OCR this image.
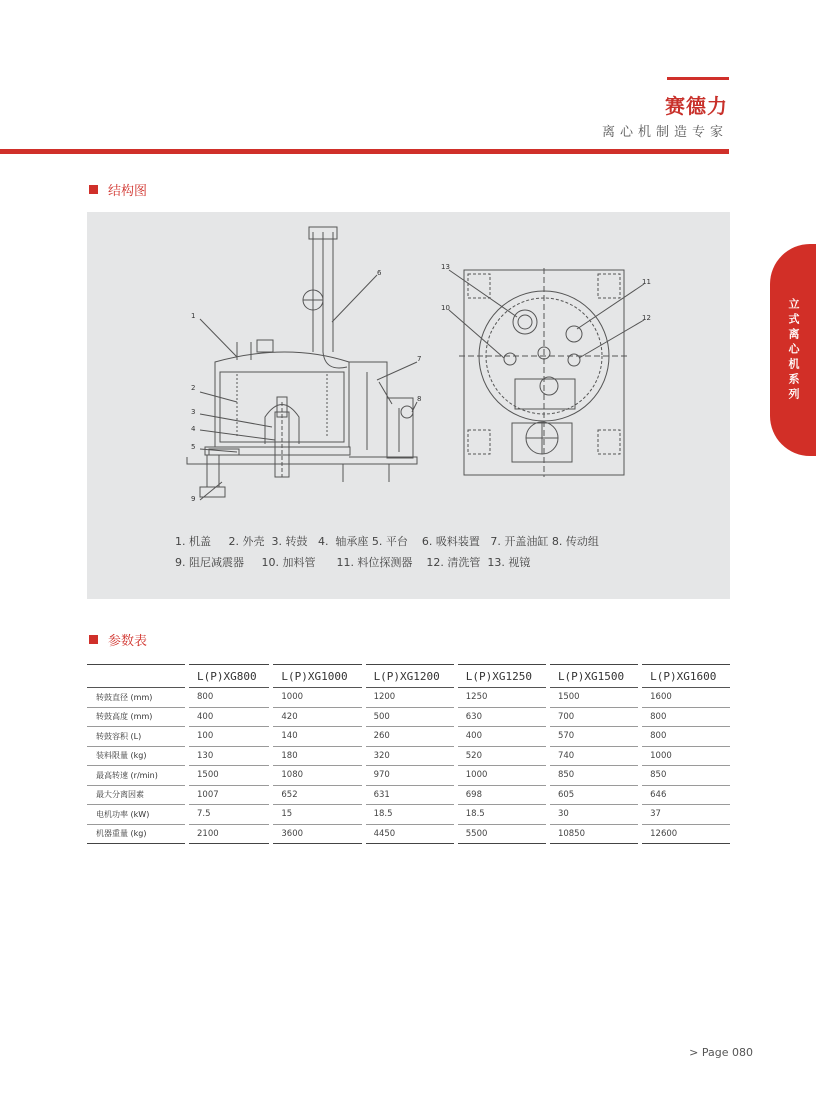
赛德力
离心机制造专家
立式离心机系列
结构图
1
2
3
4
5
9
6
7
8
13
10
11
12
1. 机盖     2. 外壳  3. 转鼓   4.  轴承座 5. 平台    6. 吸料装置   7. 开盖油缸 8. 传动组
9. 阻尼减震器     10. 加料管      11. 料位探测器    12. 清洗管  13. 视镜
参数表
	L(P)XG800	L(P)XG1000	L(P)XG1200	L(P)XG1250	L(P)XG1500	L(P)XG1600
转鼓直径 (mm)	800	1000	1200	1250	1500	1600
转鼓高度 (mm)	400	420	500	630	700	800
转鼓容积 (L)	100	140	260	400	570	800
装料限量 (kg)	130	180	320	520	740	1000
最高转速 (r/min)	1500	1080	970	1000	850	850
最大分离因素	1007	652	631	698	605	646
电机功率 (kW)	7.5	15	18.5	18.5	30	37
机器重量 (kg)	2100	3600	4450	5500	10850	12600
> Page 080
